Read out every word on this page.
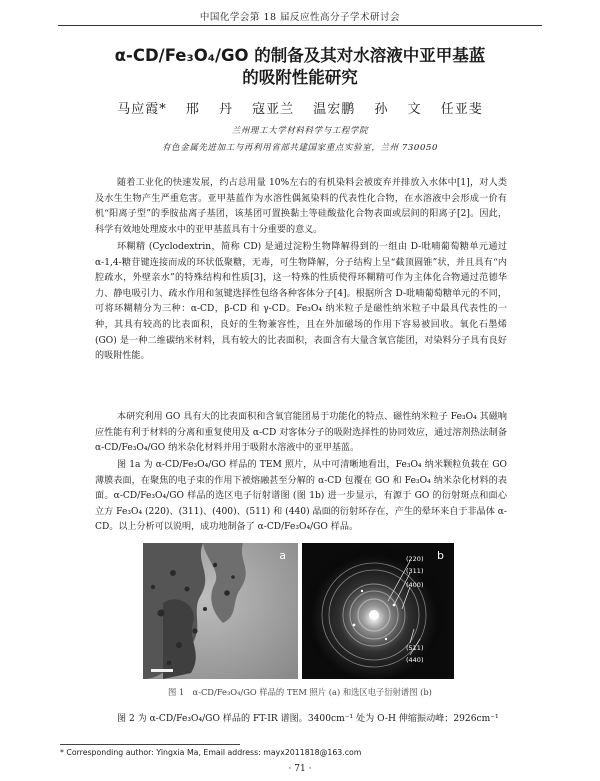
中国化学会第 18 届反应性高分子学术研讨会
α-CD/Fe₃O₄/GO 的制备及其对水溶液中亚甲基蓝
的吸附性能研究
马应霞* 邢 丹 寇亚兰 温宏鹏 孙 文 任亚斐
兰州理工大学材料科学与工程学院
有色金属先进加工与再利用省部共建国家重点实验室，兰州 730050

随着工业化的快速发展，约占总用量 10%左右的有机染料会被废弃并排放入水体中[1]，对人类及水生生物产生严重危害。亚甲基蓝作为水溶性偶氮染料的代表性化合物，在水溶液中会形成一价有机“阳离子型”的季胺盐离子基团，该基团可置换黏土等硅酸盐化合物表面或层间的阳离子[2]。因此，科学有效地处理废水中的亚甲基蓝具有十分重要的意义。

环糊精 (Cyclodextrin，简称 CD) 是通过淀粉生物降解得到的一组由 D-吡喃葡萄糖单元通过 α-1,4-糖苷键连接而成的环状低聚糖，无毒，可生物降解，分子结构上呈“截顶圆锥”状，并且具有“内腔疏水，外壁亲水”的特殊结构和性质[3]，这一特殊的性质使得环糊精可作为主体化合物通过范德华力、静电吸引力、疏水作用和氢键选择性包络各种客体分子[4]。根据所含 D-吡喃葡萄糖单元的不同，可将环糊精分为三种：α-CD，β-CD 和 γ-CD。Fe₃O₄ 纳米粒子是磁性纳米粒子中最具代表性的一种，其具有较高的比表面积，良好的生物兼容性，且在外加磁场的作用下容易被回收。氧化石墨烯 (GO) 是一种二维碳纳米材料，具有较大的比表面积，表面含有大量含氧官能团，对染料分子具有良好的吸附性能。

本研究利用 GO 具有大的比表面积和含氧官能团易于功能化的特点、磁性纳米粒子 Fe₃O₄ 其磁响应性能有利于材料的分离和重复使用及 α-CD 对客体分子的吸附选择性的协同效应，通过溶剂热法制备 α-CD/Fe₃O₄/GO 纳米杂化材料并用于吸附水溶液中的亚甲基蓝。

图 1a 为 α-CD/Fe₃O₄/GO 样品的 TEM 照片，从中可清晰地看出，Fe₃O₄ 纳米颗粒负载在 GO 薄膜表面，在聚焦的电子束的作用下被熔融甚至分解的 α-CD 包覆在 GO 和 Fe₃O₄ 纳米杂化材料的表面。α-CD/Fe₃O₄/GO 样品的选区电子衍射谱图 (图 1b) 进一步显示，有源于 GO 的衍射斑点和面心立方 Fe₃O₄ (220)、(311)、(400)、(511) 和 (440) 晶面的衍射环存在，产生的晕环来自于非晶体 α-CD。以上分析可以说明，成功地制备了 α-CD/Fe₃O₄/GO 样品。

a	b
(220)
(311)
(400)
(511)
(440)
图 1　α-CD/Fe₃O₄/GO 样品的 TEM 照片 (a) 和选区电子衍射谱图 (b)

图 2 为 α-CD/Fe₃O₄/GO 样品的 FT-IR 谱图。3400cm⁻¹ 处为 O-H 伸缩振动峰；2926cm⁻¹

* Corresponding author: Yingxia Ma, Email address: mayx2011818@163.com
· 71 ·
